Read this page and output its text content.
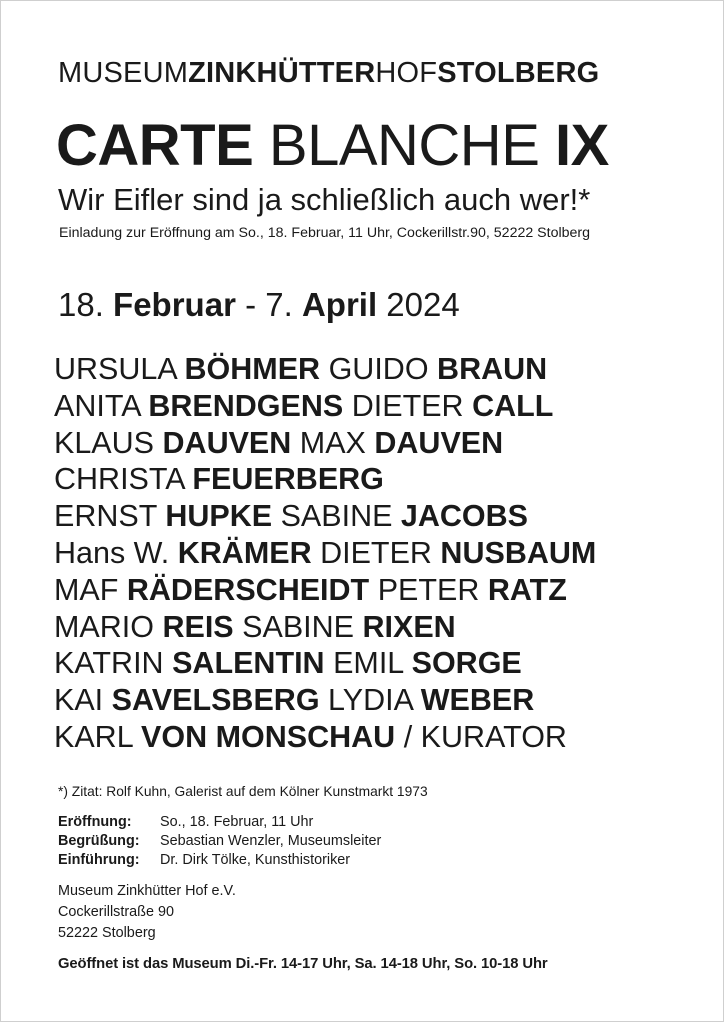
MUSEUMZINKHÜTTERHOFSTOLBERG
CARTE BLANCHE IX
Wir Eifler sind ja schließlich auch wer!*
Einladung zur Eröffnung am So., 18. Februar, 11 Uhr, Cockerillstr.90, 52222 Stolberg
18. Februar - 7. April 2024
URSULA BÖHMER GUIDO BRAUN
ANITA BRENDGENS DIETER CALL
KLAUS DAUVEN MAX DAUVEN
CHRISTA FEUERBERG
ERNST HUPKE SABINE JACOBS
Hans W. KRÄMER DIETER NUSBAUM
MAF RÄDERSCHEIDT PETER RATZ
MARIO REIS SABINE RIXEN
KATRIN SALENTIN EMIL SORGE
KAI SAVELSBERG LYDIA WEBER
KARL VON MONSCHAU / KURATOR
*) Zitat: Rolf Kuhn, Galerist auf dem Kölner Kunstmarkt 1973
Eröffnung:	So., 18. Februar, 11 Uhr
Begrüßung:	Sebastian Wenzler, Museumsleiter
Einführung:	Dr. Dirk Tölke, Kunsthistoriker
Museum Zinkhütter Hof e.V.
Cockerillstraße 90
52222 Stolberg
Geöffnet ist das Museum Di.-Fr. 14-17 Uhr, Sa. 14-18 Uhr, So. 10-18 Uhr
